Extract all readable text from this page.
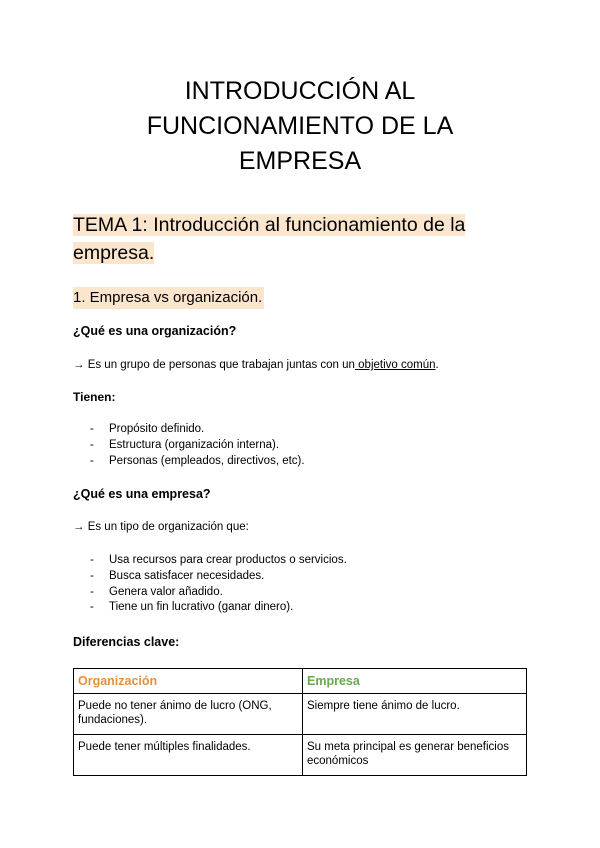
INTRODUCCIÓN AL
FUNCIONAMIENTO DE LA
EMPRESA
TEMA 1: Introducción al funcionamiento de la
empresa.
1. Empresa vs organización.
¿Qué es una organización?
→ Es un grupo de personas que trabajan juntas con un objetivo común.
Tienen:
- Propósito definido.
- Estructura (organización interna).
- Personas (empleados, directivos, etc).
¿Qué es una empresa?
→ Es un tipo de organización que:
- Usa recursos para crear productos o servicios.
- Busca satisfacer necesidades.
- Genera valor añadido.
- Tiene un fin lucrativo (ganar dinero).
Diferencias clave:
Organización	Empresa
Puede no tener ánimo de lucro (ONG, fundaciones).	Siempre tiene ánimo de lucro.
Puede tener múltiples finalidades.	Su meta principal es generar beneficios económicos
